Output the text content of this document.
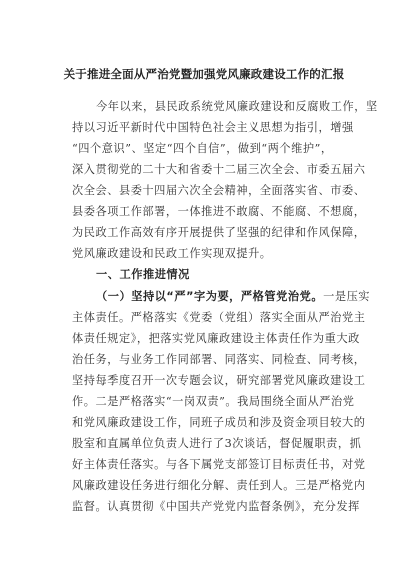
关于推进全面从严治党暨加强党风廉政建设工作的汇报
今年以来，县民政系统党风廉政建设和反腐败工作，坚
持以习近平新时代中国特色社会主义思想为指引，增强
“四个意识”、坚定“四个自信”，做到“两个维护”，
深入贯彻党的二十大和省委十二届三次全会、市委五届六
次全会、县委十四届六次全会精神，全面落实省、市委、
县委各项工作部署，一体推进不敢腐、不能腐、不想腐，
为民政工作高效有序开展提供了坚强的纪律和作风保障，
党风廉政建设和民政工作实现双提升。
一、工作推进情况
（一）坚持以“严”字为要，严格管党治党。一是压实
主体责任。严格落实《党委（党组）落实全面从严治党主
体责任规定》，把落实党风廉政建设主体责任作为重大政
治任务，与业务工作同部署、同落实、同检查、同考核，
坚持每季度召开一次专题会议，研究部署党风廉政建设工
作。二是严格落实“一岗双责”。我局围绕全面从严治党
和党风廉政建设工作，同班子成员和涉及资金项目较大的
股室和直属单位负责人进行了3次谈话，督促履职责，抓
好主体责任落实。与各下属党支部签订目标责任书，对党
风廉政建设任务进行细化分解、责任到人。三是严格党内
监督。认真贯彻《中国共产党党内监督条例》，充分发挥
